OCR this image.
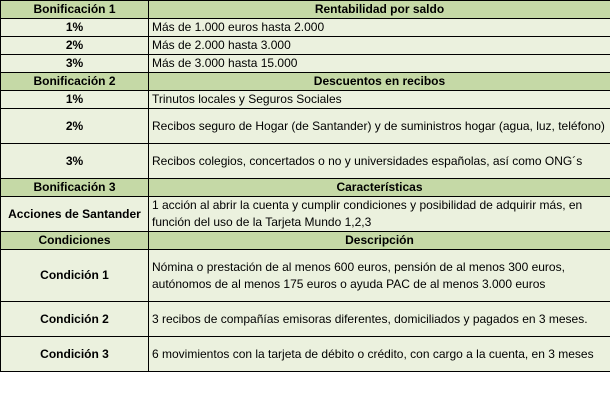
Bonificación 1	Rentabilidad por saldo
1%	Más de 1.000 euros hasta 2.000
2%	Más de 2.000 hasta 3.000
3%	Más de 3.000 hasta 15.000
Bonificación 2	Descuentos en recibos
1%	Trinutos locales y Seguros Sociales
2%	Recibos seguro de Hogar (de Santander) y de suministros hogar (agua, luz, teléfono)
3%	Recibos colegios, concertados o no y universidades españolas, así como ONG´s
Bonificación 3	Características
Acciones de Santander	1 acción al abrir la cuenta y cumplir condiciones y posibilidad de adquirir más, en función del uso de la Tarjeta Mundo 1,2,3
Condiciones	Descripción
Condición 1	Nómina o prestación de al menos 600 euros, pensión de al menos 300 euros, autónomos de al menos 175 euros o ayuda PAC de al menos 3.000 euros
Condición 2	3 recibos de compañías emisoras diferentes, domiciliados y pagados en 3 meses.
Condición 3	6 movimientos con la tarjeta de débito o crédito, con cargo a la cuenta, en 3 meses
